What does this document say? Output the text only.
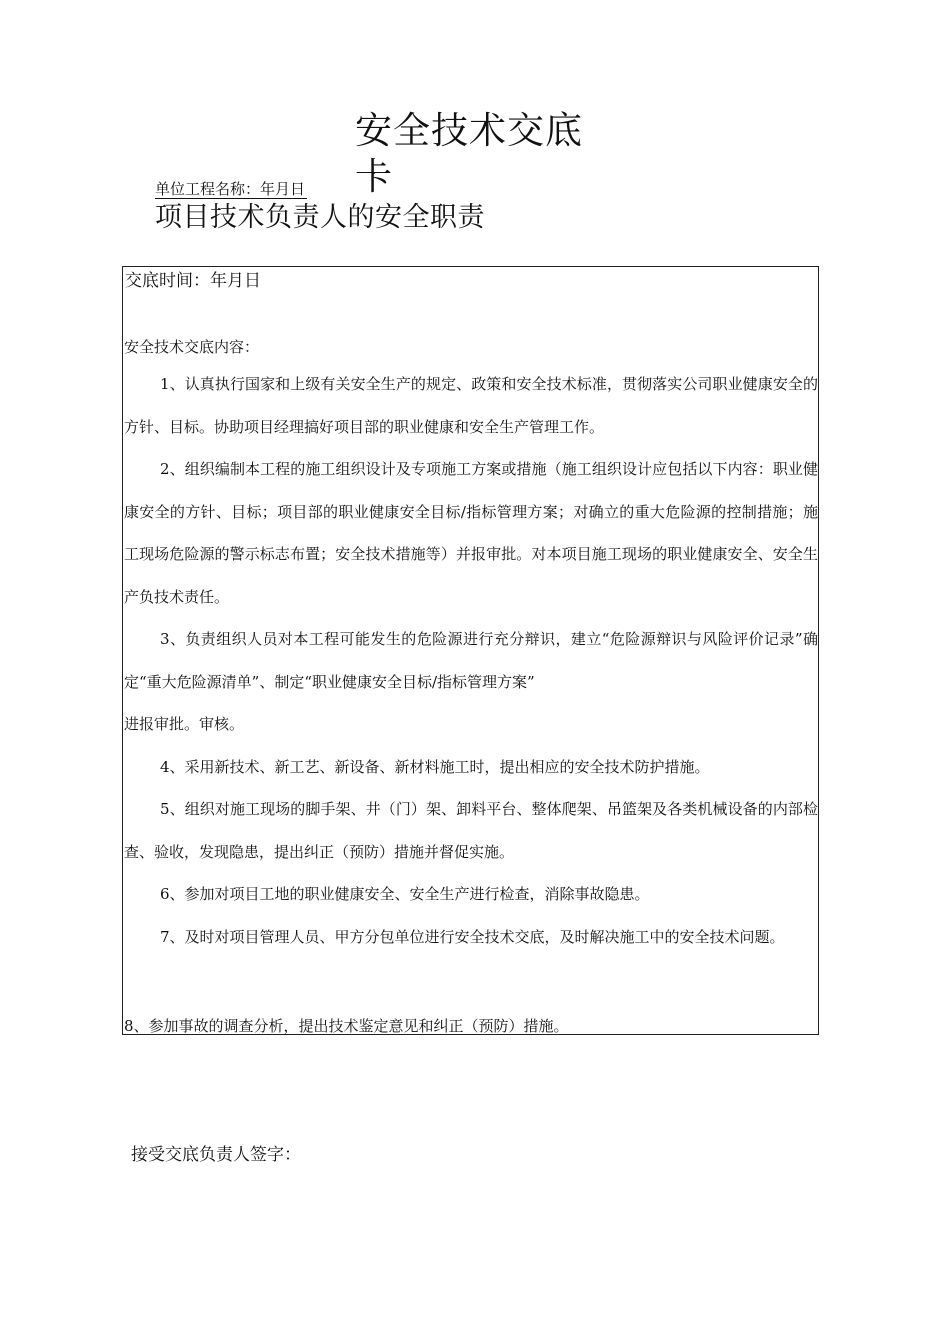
安全技术交底卡
单位工程名称：年月日
项目技术负责人的安全职责
交底时间：年月日
安全技术交底内容：

1、认真执行国家和上级有关安全生产的规定、政策和安全技术标准，贯彻落实公司职业健康安全的方针、目标。协助项目经理搞好项目部的职业健康和安全生产管理工作。

2、组织编制本工程的施工组织设计及专项施工方案或措施（施工组织设计应包括以下内容：职业健康安全的方针、目标；项目部的职业健康安全目标/指标管理方案；对确立的重大危险源的控制措施；施工现场危险源的警示标志布置；安全技术措施等）并报审批。对本项目施工现场的职业健康安全、安全生产负技术责任。

3、负责组织人员对本工程可能发生的危险源进行充分辩识，建立“危险源辩识与风险评价记录”确定“重大危险源清单”、制定“职业健康安全目标/指标管理方案”

进报审批。审核。

4、采用新技术、新工艺、新设备、新材料施工时，提出相应的安全技术防护措施。

5、组织对施工现场的脚手架、井（门）架、卸料平台、整体爬架、吊篮架及各类机械设备的内部检查、验收，发现隐患，提出纠正（预防）措施并督促实施。

6、参加对项目工地的职业健康安全、安全生产进行检查，消除事故隐患。

7、及时对项目管理人员、甲方分包单位进行安全技术交底，及时解决施工中的安全技术问题。

8、参加事故的调查分析，提出技术鉴定意见和纠正（预防）措施。
接受交底负责人签字：
